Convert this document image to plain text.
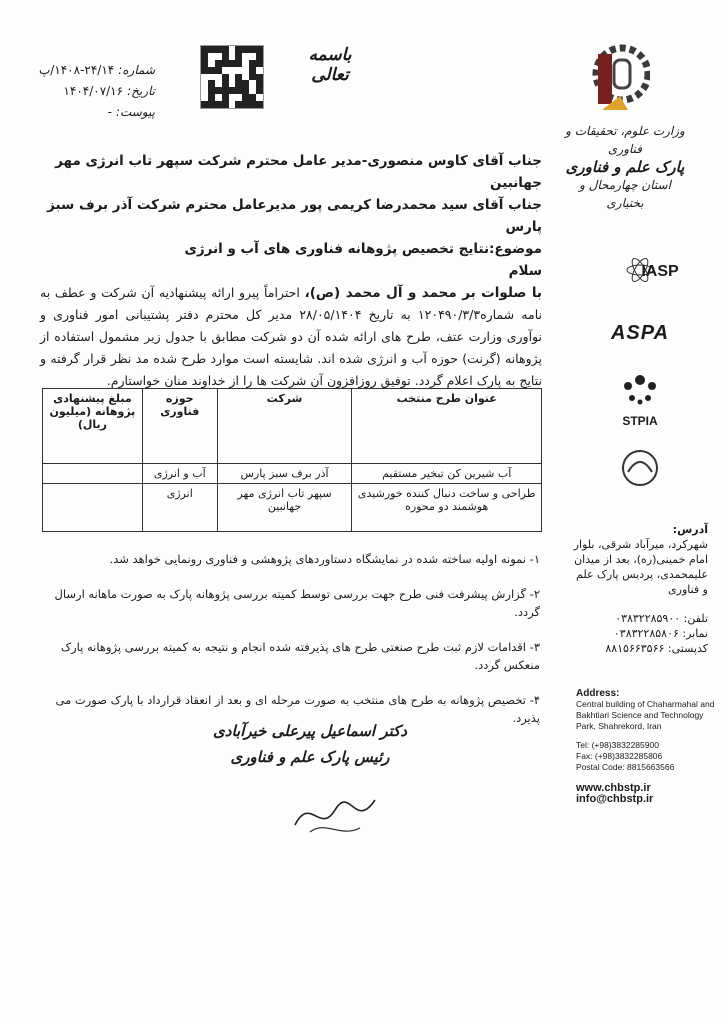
شماره:
۱۴۰۸-۲۴/۱۴/پ
تاریخ:
۱۴۰۴/۰۷/۱۶
پیوست:
-
باسمه تعالی
وزارت علوم، تحقیقات و فناوری
پارک علم و فناوری
استان چهارمحال و بختیاری
جناب آقای کاوس منصوری-مدیر عامل محترم شرکت سپهر تاب انرژی مهر جهانبین
جناب آقای سید محمدرضا کریمی پور مدیرعامل محترم شرکت آذر برف سبز پارس
موضوع:نتایج تخصیص پژوهانه فناوری های آب و انرژی
سلام
با صلوات بر محمد و آل محمد (ص)، احتراماً پیرو ارائه پیشنهادیه آن شرکت و عطف به نامه شماره۱۲۰۴۹۰/۳/۳ به تاریخ ۲۸/۰۵/۱۴۰۴ مدیر کل محترم دفتر پشتیبانی امور فناوری و نوآوری وزارت عتف، طرح های ارائه شده آن دو شرکت مطابق با جدول زیر مشمول استفاده از پژوهانه (گرنت) حوزه آب و انرژی شده اند. شایسته است موارد طرح شده مد نظر قرار گرفته و نتایج به پارک اعلام گردد. توفیق روزافزون آن شرکت ها را از خداوند منان خواستارم.
عنوان طرح منتخب	شرکت	حوزه فناوری	مبلغ پیشنهادی پژوهانه (میلیون ریال)
آب شیرین کن تبخیر مستقیم	آذر برف سبز پارس	آب و انرژی	
طراحی و ساخت دنبال کننده خورشیدی هوشمند دو محوره	سپهر تاب انرژی مهر جهانبین	انرژی	

۱- نمونه اولیه ساخته شده در نمایشگاه دستاوردهای پژوهشی و فناوری رونمایی خواهد شد.

۲- گزارش پیشرفت فنی طرح جهت بررسی توسط کمیته بررسی پژوهانه پارک به صورت ماهانه ارسال گردد.

۳- اقدامات لازم ثبت طرح صنعتی طرح های پذیرفته شده انجام و نتیجه به کمیته بررسی پژوهانه پارک منعکس گردد.

۴- تخصیص پژوهانه به طرح های منتخب به صورت مرحله ای و بعد از انعقاد قرارداد با پارک صورت می پذیرد.

دکتر اسماعیل پیرعلی خیرآبادی
رئیس پارک علم و فناوری
IASP
ASPA
STPIA
آدرس:
شهرکرد، میرآباد شرقی، بلوار امام خمینی(ره)، بعد از میدان علیمحمدی، پردیس پارک علم و فناوری
تلفن: ۰۳۸۳۲۲۸۵۹۰۰
نمابر: ۰۳۸۳۲۲۸۵۸۰۶
کدپستی: ۸۸۱۵۶۶۳۵۶۶
Address:
Central building of Chaharmahal and Bakhtiari Science and Technology Park, Shahrekord, Iran
Tel: (+98)3832285900
Fax: (+98)3832285806
Postal Code: 8815663566
www.chbstp.ir
info@chbstp.ir
